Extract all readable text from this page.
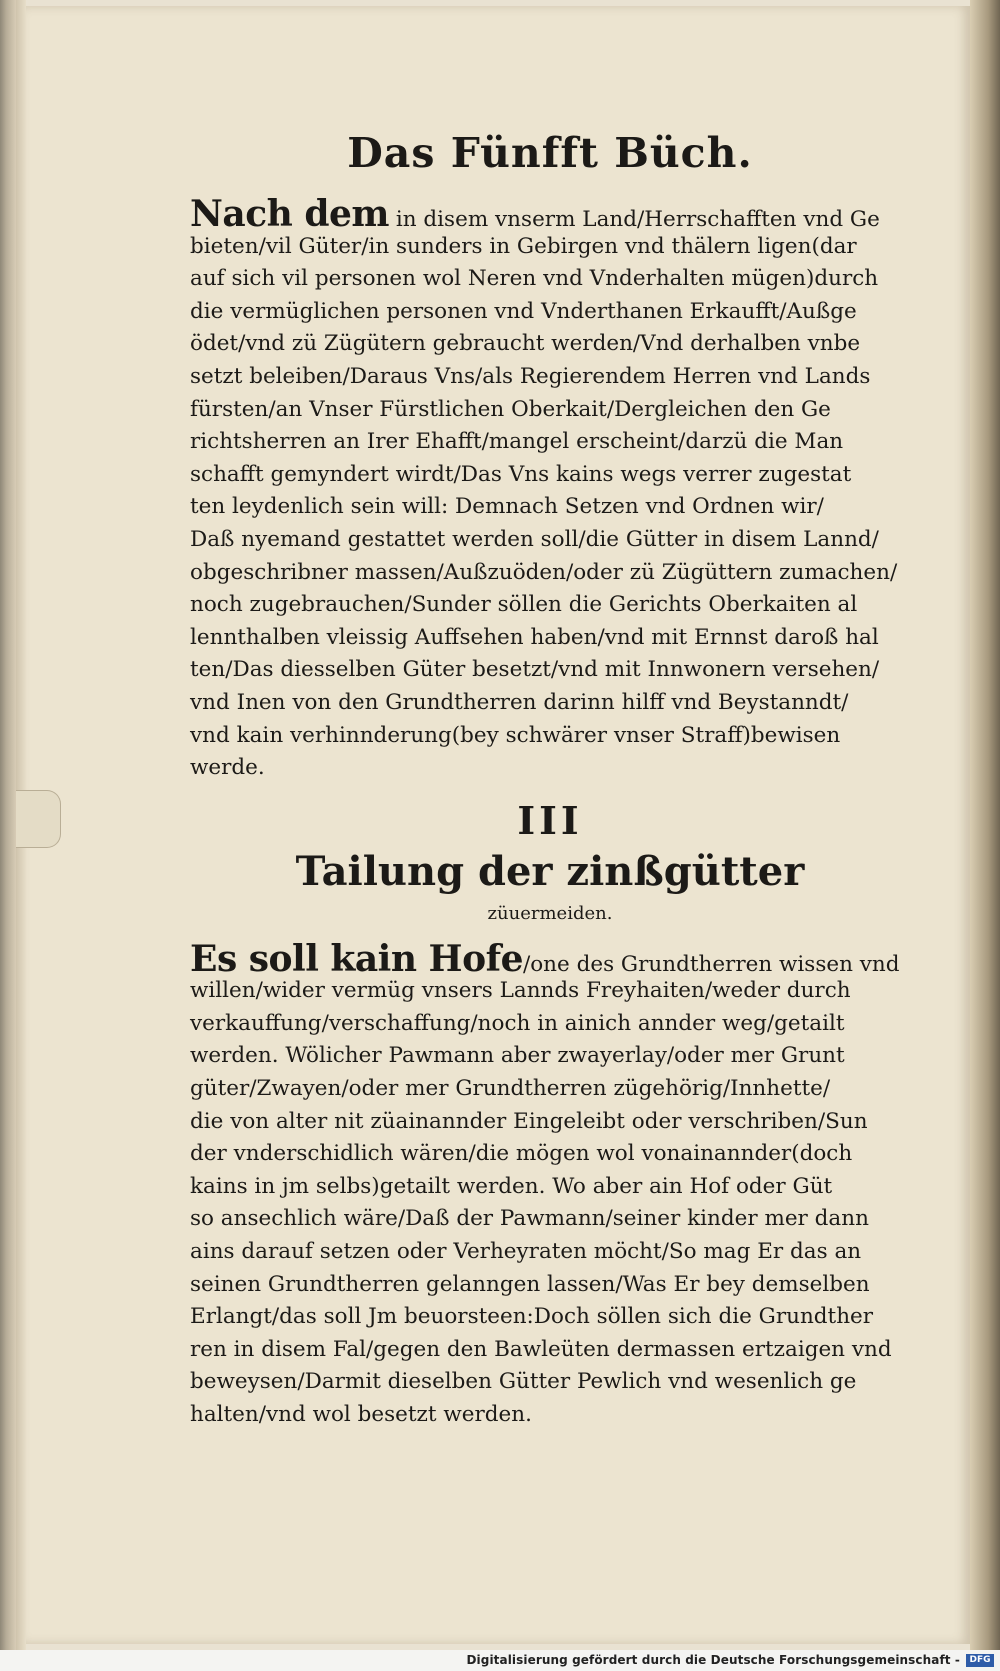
Das Fünfft Büch.
Nach dem in disem vnserm Land/Herrschafften vnd Ge
bieten/vil Güter/in sunders in Gebirgen vnd thälern ligen(dar
auf sich vil personen wol Neren vnd Vnderhalten mügen)durch
die vermüglichen personen vnd Vnderthanen Erkaufft/Außge
ödet/vnd zü Zügütern gebraucht werden/Vnd derhalben vnbe
setzt beleiben/Daraus Vns/als Regierendem Herren vnd Lands
fürsten/an Vnser Fürstlichen Oberkait/Dergleichen den Ge
richtsherren an Irer Ehafft/mangel erscheint/darzü die Man
schafft gemyndert wirdt/Das Vns kains wegs verrer zugestat
ten leydenlich sein will: Demnach Setzen vnd Ordnen wir/
Daß nyemand gestattet werden soll/die Gütter in disem Lannd/
obgeschribner massen/Außzuöden/oder zü Zügüttern zumachen/
noch zugebrauchen/Sunder söllen die Gerichts Oberkaiten al
lennthalben vleissig Auffsehen haben/vnd mit Ernnst daroß hal
ten/Das diesselben Güter besetzt/vnd mit Innwonern versehen/
vnd Inen von den Grundtherren darinn hilff vnd Beystanndt/
vnd kain verhinnderung(bey schwärer vnser Straff)bewisen
werde.
III
Tailung der zinßgütter
züuermeiden.
Es soll kain Hofe/one des Grundtherren wissen vnd
willen/wider vermüg vnsers Lannds Freyhaiten/weder durch
verkauffung/verschaffung/noch in ainich annder weg/getailt
werden. Wölicher Pawmann aber zwayerlay/oder mer Grunt
güter/Zwayen/oder mer Grundtherren zügehörig/Innhette/
die von alter nit züainannder Eingeleibt oder verschriben/Sun
der vnderschidlich wären/die mögen wol vonainannder(doch
kains in jm selbs)getailt werden. Wo aber ain Hof oder Güt
so ansechlich wäre/Daß der Pawmann/seiner kinder mer dann
ains darauf setzen oder Verheyraten möcht/So mag Er das an
seinen Grundtherren gelanngen lassen/Was Er bey demselben
Erlangt/das soll Jm beuorsteen:Doch söllen sich die Grundther
ren in disem Fal/gegen den Bawleüten dermassen ertzaigen vnd
beweysen/Darmit dieselben Gütter Pewlich vnd wesenlich ge
halten/vnd wol besetzt werden.
Digitalisierung gefördert durch die Deutsche Forschungsgemeinschaft -	DFG
